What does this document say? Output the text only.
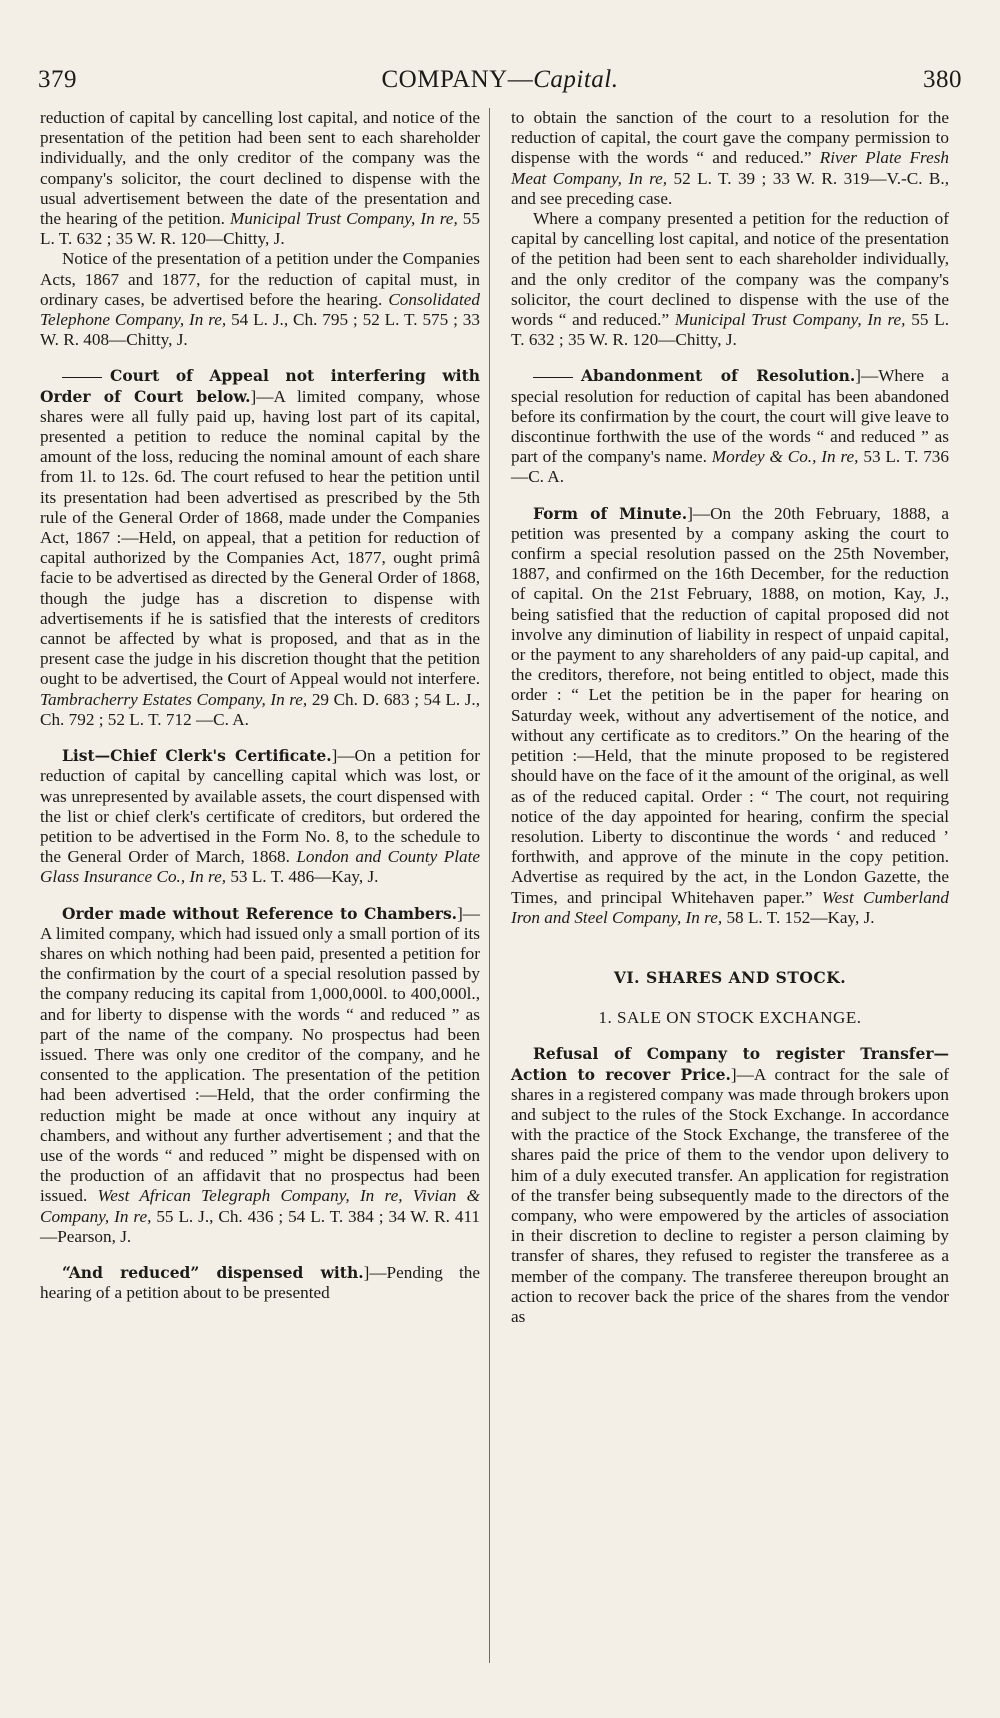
379	COMPANY—Capital.	380

reduction of capital by cancelling lost capital, and notice of the presentation of the petition had been sent to each shareholder individually, and the only creditor of the company was the company's solicitor, the court declined to dispense with the usual advertisement between the date of the presentation and the hearing of the petition. Municipal Trust Company, In re, 55 L. T. 632 ; 35 W. R. 120—Chitty, J.

Notice of the presentation of a petition under the Companies Acts, 1867 and 1877, for the reduction of capital must, in ordinary cases, be advertised before the hearing. Consolidated Telephone Company, In re, 54 L. J., Ch. 795 ; 52 L. T. 575 ; 33 W. R. 408—Chitty, J.

Court of Appeal not interfering with Order of Court below.]—A limited company, whose shares were all fully paid up, having lost part of its capital, presented a petition to reduce the nominal capital by the amount of the loss, reducing the nominal amount of each share from 1l. to 12s. 6d. The court refused to hear the petition until its presentation had been advertised as prescribed by the 5th rule of the General Order of 1868, made under the Companies Act, 1867 :—Held, on appeal, that a petition for reduction of capital authorized by the Companies Act, 1877, ought primâ facie to be advertised as directed by the General Order of 1868, though the judge has a discretion to dispense with advertisements if he is satisfied that the interests of creditors cannot be affected by what is proposed, and that as in the present case the judge in his discretion thought that the petition ought to be advertised, the Court of Appeal would not interfere. Tambracherry Estates Company, In re, 29 Ch. D. 683 ; 54 L. J., Ch. 792 ; 52 L. T. 712 —C. A.

List—Chief Clerk's Certificate.]—On a petition for reduction of capital by cancelling capital which was lost, or was unrepresented by available assets, the court dispensed with the list or chief clerk's certificate of creditors, but ordered the petition to be advertised in the Form No. 8, to the schedule to the General Order of March, 1868. London and County Plate Glass Insurance Co., In re, 53 L. T. 486—Kay, J.

Order made without Reference to Chambers.]—A limited company, which had issued only a small portion of its shares on which nothing had been paid, presented a petition for the confirmation by the court of a special resolution passed by the company reducing its capital from 1,000,000l. to 400,000l., and for liberty to dispense with the words “ and reduced ” as part of the name of the company. No prospectus had been issued. There was only one creditor of the company, and he consented to the application. The presentation of the petition had been advertised :—Held, that the order confirming the reduction might be made at once without any inquiry at chambers, and without any further advertisement ; and that the use of the words “ and reduced ” might be dispensed with on the production of an affidavit that no prospectus had been issued. West African Telegraph Company, In re, Vivian & Company, In re, 55 L. J., Ch. 436 ; 54 L. T. 384 ; 34 W. R. 411—Pearson, J.

“And reduced” dispensed with.]—Pending the hearing of a petition about to be presented

to obtain the sanction of the court to a resolution for the reduction of capital, the court gave the company permission to dispense with the words “ and reduced.” River Plate Fresh Meat Company, In re, 52 L. T. 39 ; 33 W. R. 319—V.-C. B., and see preceding case.

Where a company presented a petition for the reduction of capital by cancelling lost capital, and notice of the presentation of the petition had been sent to each shareholder individually, and the only creditor of the company was the company's solicitor, the court declined to dispense with the use of the words “ and reduced.” Municipal Trust Company, In re, 55 L. T. 632 ; 35 W. R. 120—Chitty, J.

Abandonment of Resolution.]—Where a special resolution for reduction of capital has been abandoned before its confirmation by the court, the court will give leave to discontinue forthwith the use of the words “ and reduced ” as part of the company's name. Mordey & Co., In re, 53 L. T. 736—C. A.

Form of Minute.]—On the 20th February, 1888, a petition was presented by a company asking the court to confirm a special resolution passed on the 25th November, 1887, and confirmed on the 16th December, for the reduction of capital. On the 21st February, 1888, on motion, Kay, J., being satisfied that the reduction of capital proposed did not involve any diminution of liability in respect of unpaid capital, or the payment to any shareholders of any paid-up capital, and the creditors, therefore, not being entitled to object, made this order : “ Let the petition be in the paper for hearing on Saturday week, without any advertisement of the notice, and without any certificate as to creditors.” On the hearing of the petition :—Held, that the minute proposed to be registered should have on the face of it the amount of the original, as well as of the reduced capital. Order : “ The court, not requiring notice of the day appointed for hearing, confirm the special resolution. Liberty to discontinue the words ‘ and reduced ’ forthwith, and approve of the minute in the copy petition. Advertise as required by the act, in the London Gazette, the Times, and principal Whitehaven paper.” West Cumberland Iron and Steel Company, In re, 58 L. T. 152—Kay, J.

VI. SHARES AND STOCK.
1. SALE ON STOCK EXCHANGE.

Refusal of Company to register Transfer—Action to recover Price.]—A contract for the sale of shares in a registered company was made through brokers upon and subject to the rules of the Stock Exchange. In accordance with the practice of the Stock Exchange, the transferee of the shares paid the price of them to the vendor upon delivery to him of a duly executed transfer. An application for registration of the transfer being subsequently made to the directors of the company, who were empowered by the articles of association in their discretion to decline to register a person claiming by transfer of shares, they refused to register the transferee as a member of the company. The transferee thereupon brought an action to recover back the price of the shares from the vendor as
